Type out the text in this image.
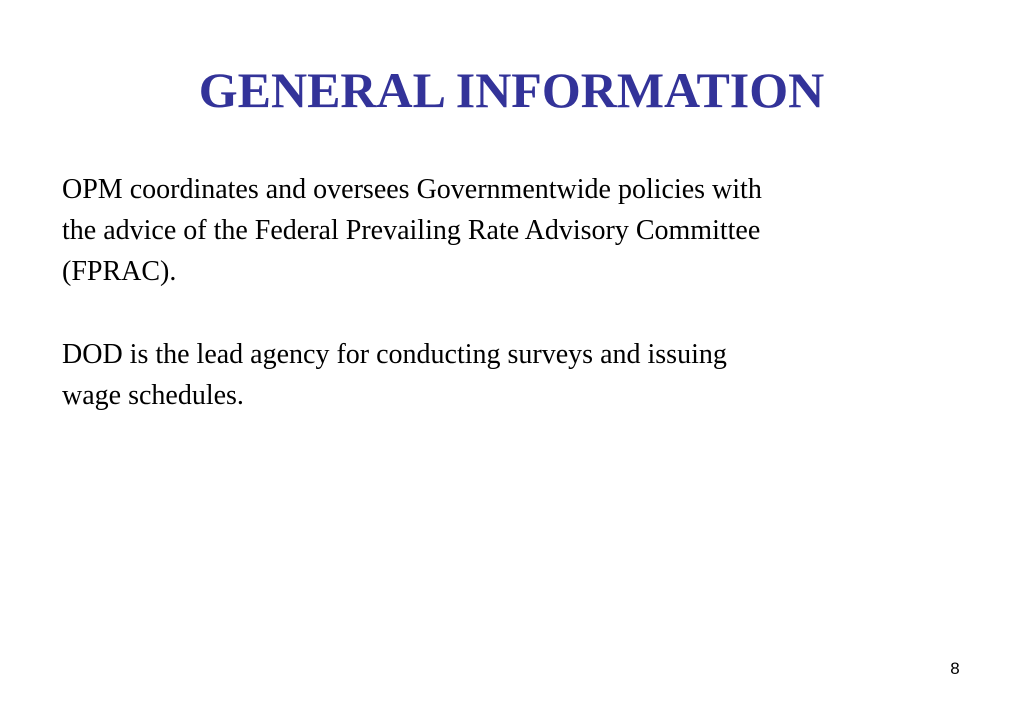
GENERAL INFORMATION

OPM coordinates and oversees Governmentwide policies with
the advice of the Federal Prevailing Rate Advisory Committee
(FPRAC).

DOD is the lead agency for conducting surveys and issuing
wage schedules.

8
